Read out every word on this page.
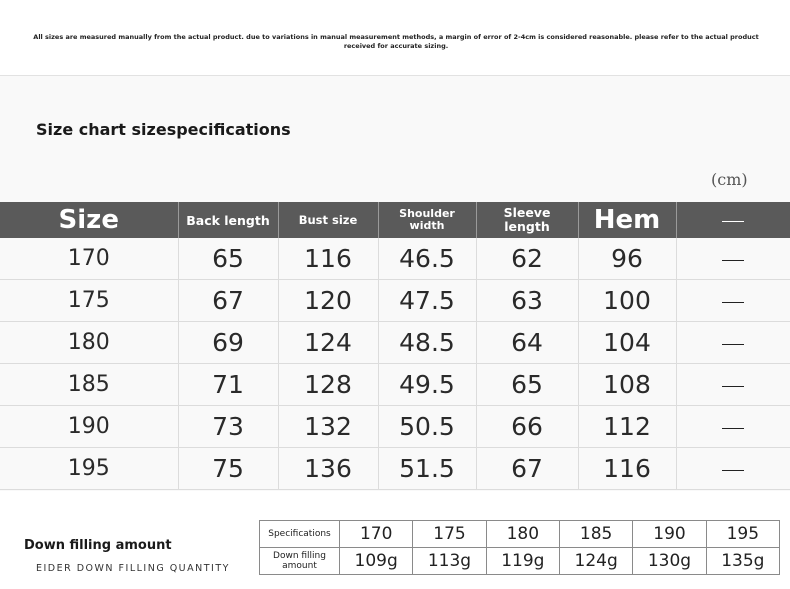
All sizes are measured manually from the actual product. due to variations in manual measurement methods, a margin of error of 2-4cm is considered reasonable. please refer to the actual product received for accurate sizing.
Size chart sizespecifications
(cm)
Size	Back length	Bust size	Shoulder width	Sleeve length	Hem	
170	65	116	46.5	62	96	
175	67	120	47.5	63	100	
180	69	124	48.5	64	104	
185	71	128	49.5	65	108	
190	73	132	50.5	66	112	
195	75	136	51.5	67	116	
Down filling amount
EIDER DOWN FILLING QUANTITY
Specifications	170	175	180	185	190	195

Down filling amount	109g	113g	119g	124g	130g	135g
